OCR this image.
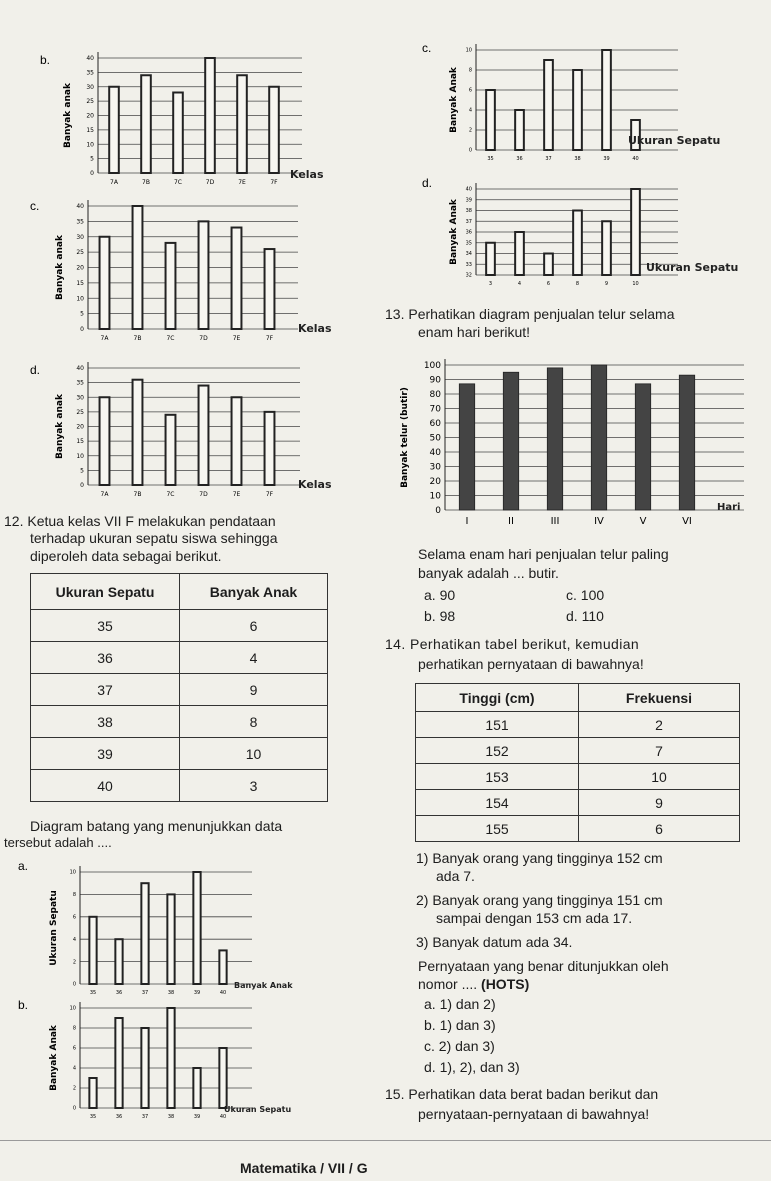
b.
0
5
10
15
20
25
30
35
40
7A	7B	7C	7D	7E	7F
Banyak anak
Kelas
c.
0
5
10
15
20
25
30
35
40
7A	7B	7C	7D	7E	7F
Banyak anak
Kelas
d.
0
5
10
15
20
25
30
35
40
7A	7B	7C	7D	7E	7F
Banyak anak
Kelas
c.
0
2
4
6
8
10
35	36	37	38	39	40
Banyak Anak
Ukuran Sepatu
d.
32
33
34
35
36
37
38
39
40
3	4	6	8	9	10
Banyak Anak
Ukuran Sepatu
12. Ketua kelas VII F melakukan pendataan
terhadap ukuran sepatu siswa sehingga
diperoleh data sebagai berikut.
Ukuran Sepatu	Banyak Anak
35	6
36	4
37	9
38	8
39	10
40	3
Diagram batang yang menunjukkan data
tersebut adalah ....
a.
0
2
4
6
8
10
35	36	37	38	39	40
Ukuran Sepatu
Banyak Anak
b.
0
2
4
6
8
10
35	36	37	38	39	40
Banyak Anak
Ukuran Sepatu
13. Perhatikan diagram penjualan telur selama
enam hari berikut!
0
10
20
30
40
50
60
70
80
90
100
I	II	III	IV	V	VI
Banyak telur (butir)
Hari
Selama enam hari penjualan telur paling
banyak adalah ... butir.
a. 90	c. 100
b. 98	d. 110
14. Perhatikan tabel berikut, kemudian
perhatikan pernyataan di bawahnya!
Tinggi (cm)	Frekuensi
151	2
152	7
153	10
154	9
155	6
1) Banyak orang yang tingginya 152 cm
ada 7.
2) Banyak orang yang tingginya 151 cm
sampai dengan 153 cm ada 17.
3) Banyak datum ada 34.
Pernyataan yang benar ditunjukkan oleh
nomor .... (HOTS)
a. 1) dan 2)
b. 1) dan 3)
c. 2) dan 3)
d. 1), 2), dan 3)
15. Perhatikan data berat badan berikut dan
pernyataan-pernyataan di bawahnya!
Matematika / VII / G
